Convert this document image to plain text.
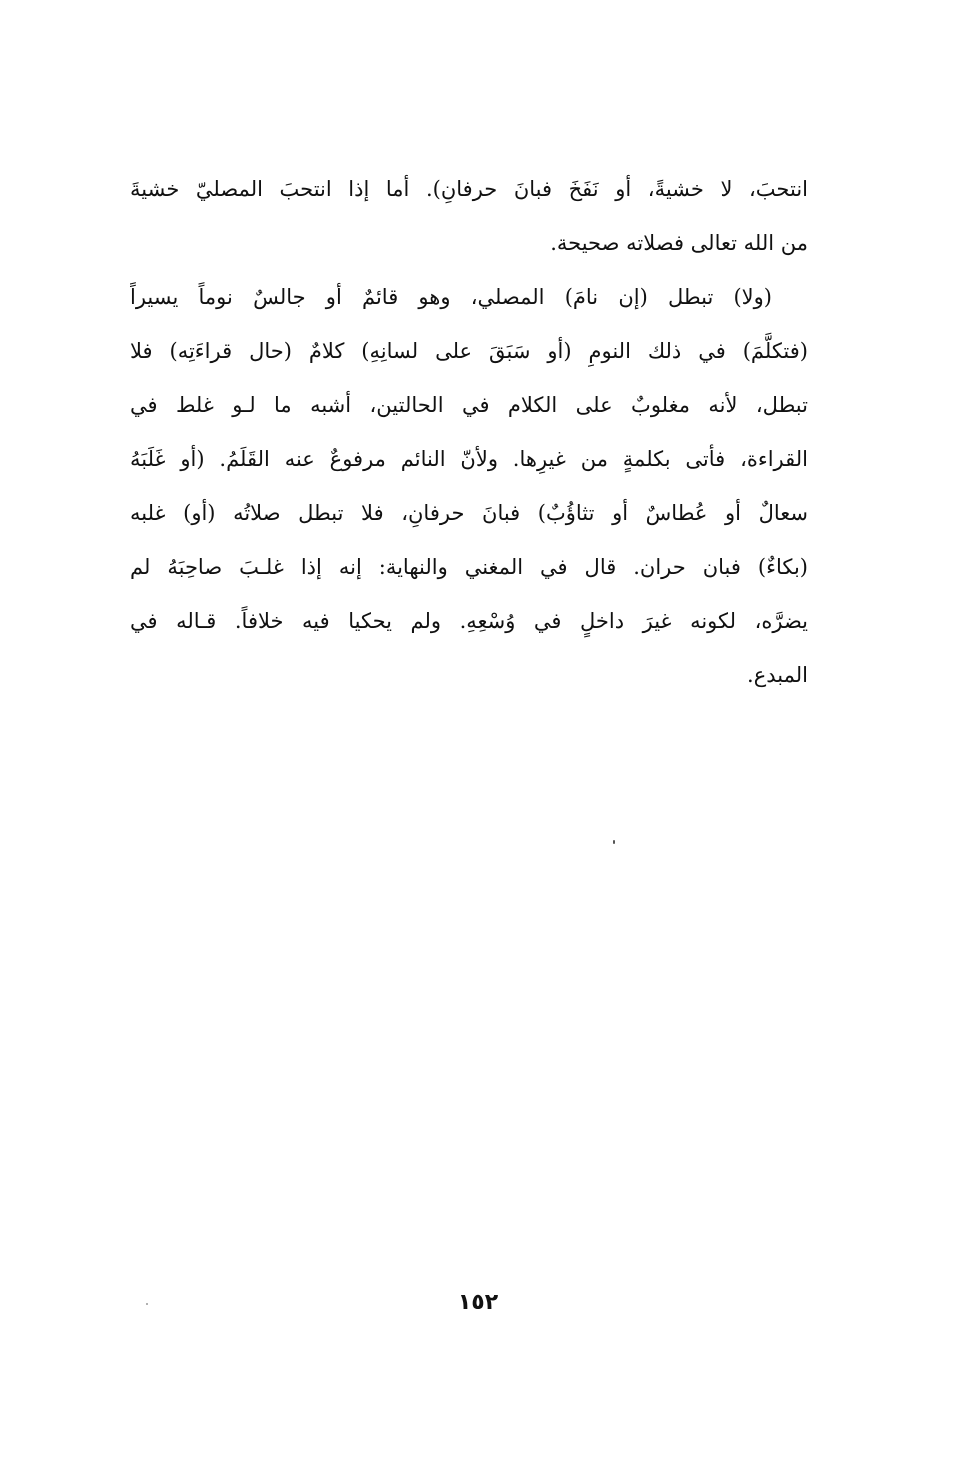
انتحبَ، لا خشيةً، أو نَفَخَ فبانَ حرفانِ). أما إذا انتحبَ المصليّ خشيةَ
من الله تعالى فصلاته صحيحة.
(ولا) تبطل (إن نامَ) المصلي، وهو قائمٌ أو جالسٌ نوماً يسيراً
(فتكلَّمَ) في ذلك النومِ (أو سَبَقَ على لسانِهِ) كلامٌ (حال قراءَتِه) فلا
تبطل، لأنه مغلوبٌ على الكلام في الحالتين، أشبه ما لـو غلط في
القراءة، فأتى بكلمةٍ من غيرِها. ولأنّ النائم مرفوعٌ عنه القَلَمُ. (أو غَلَبَهُ
سعالٌ أو عُطاسٌ أو تثاؤُبٌ) فبانَ حرفانِ، فلا تبطل صلاتُه (أو) غلبه
(بكاءٌ) فبان حران. قال في المغني والنهاية: إنه إذا غلـبَ صاحِبَهُ لم
يضرَّه، لكونه غيرَ داخلٍ في وُسْعِهِ. ولم يحكيا فيه خلافاً. قـاله في
المبدع.
١٥٢
